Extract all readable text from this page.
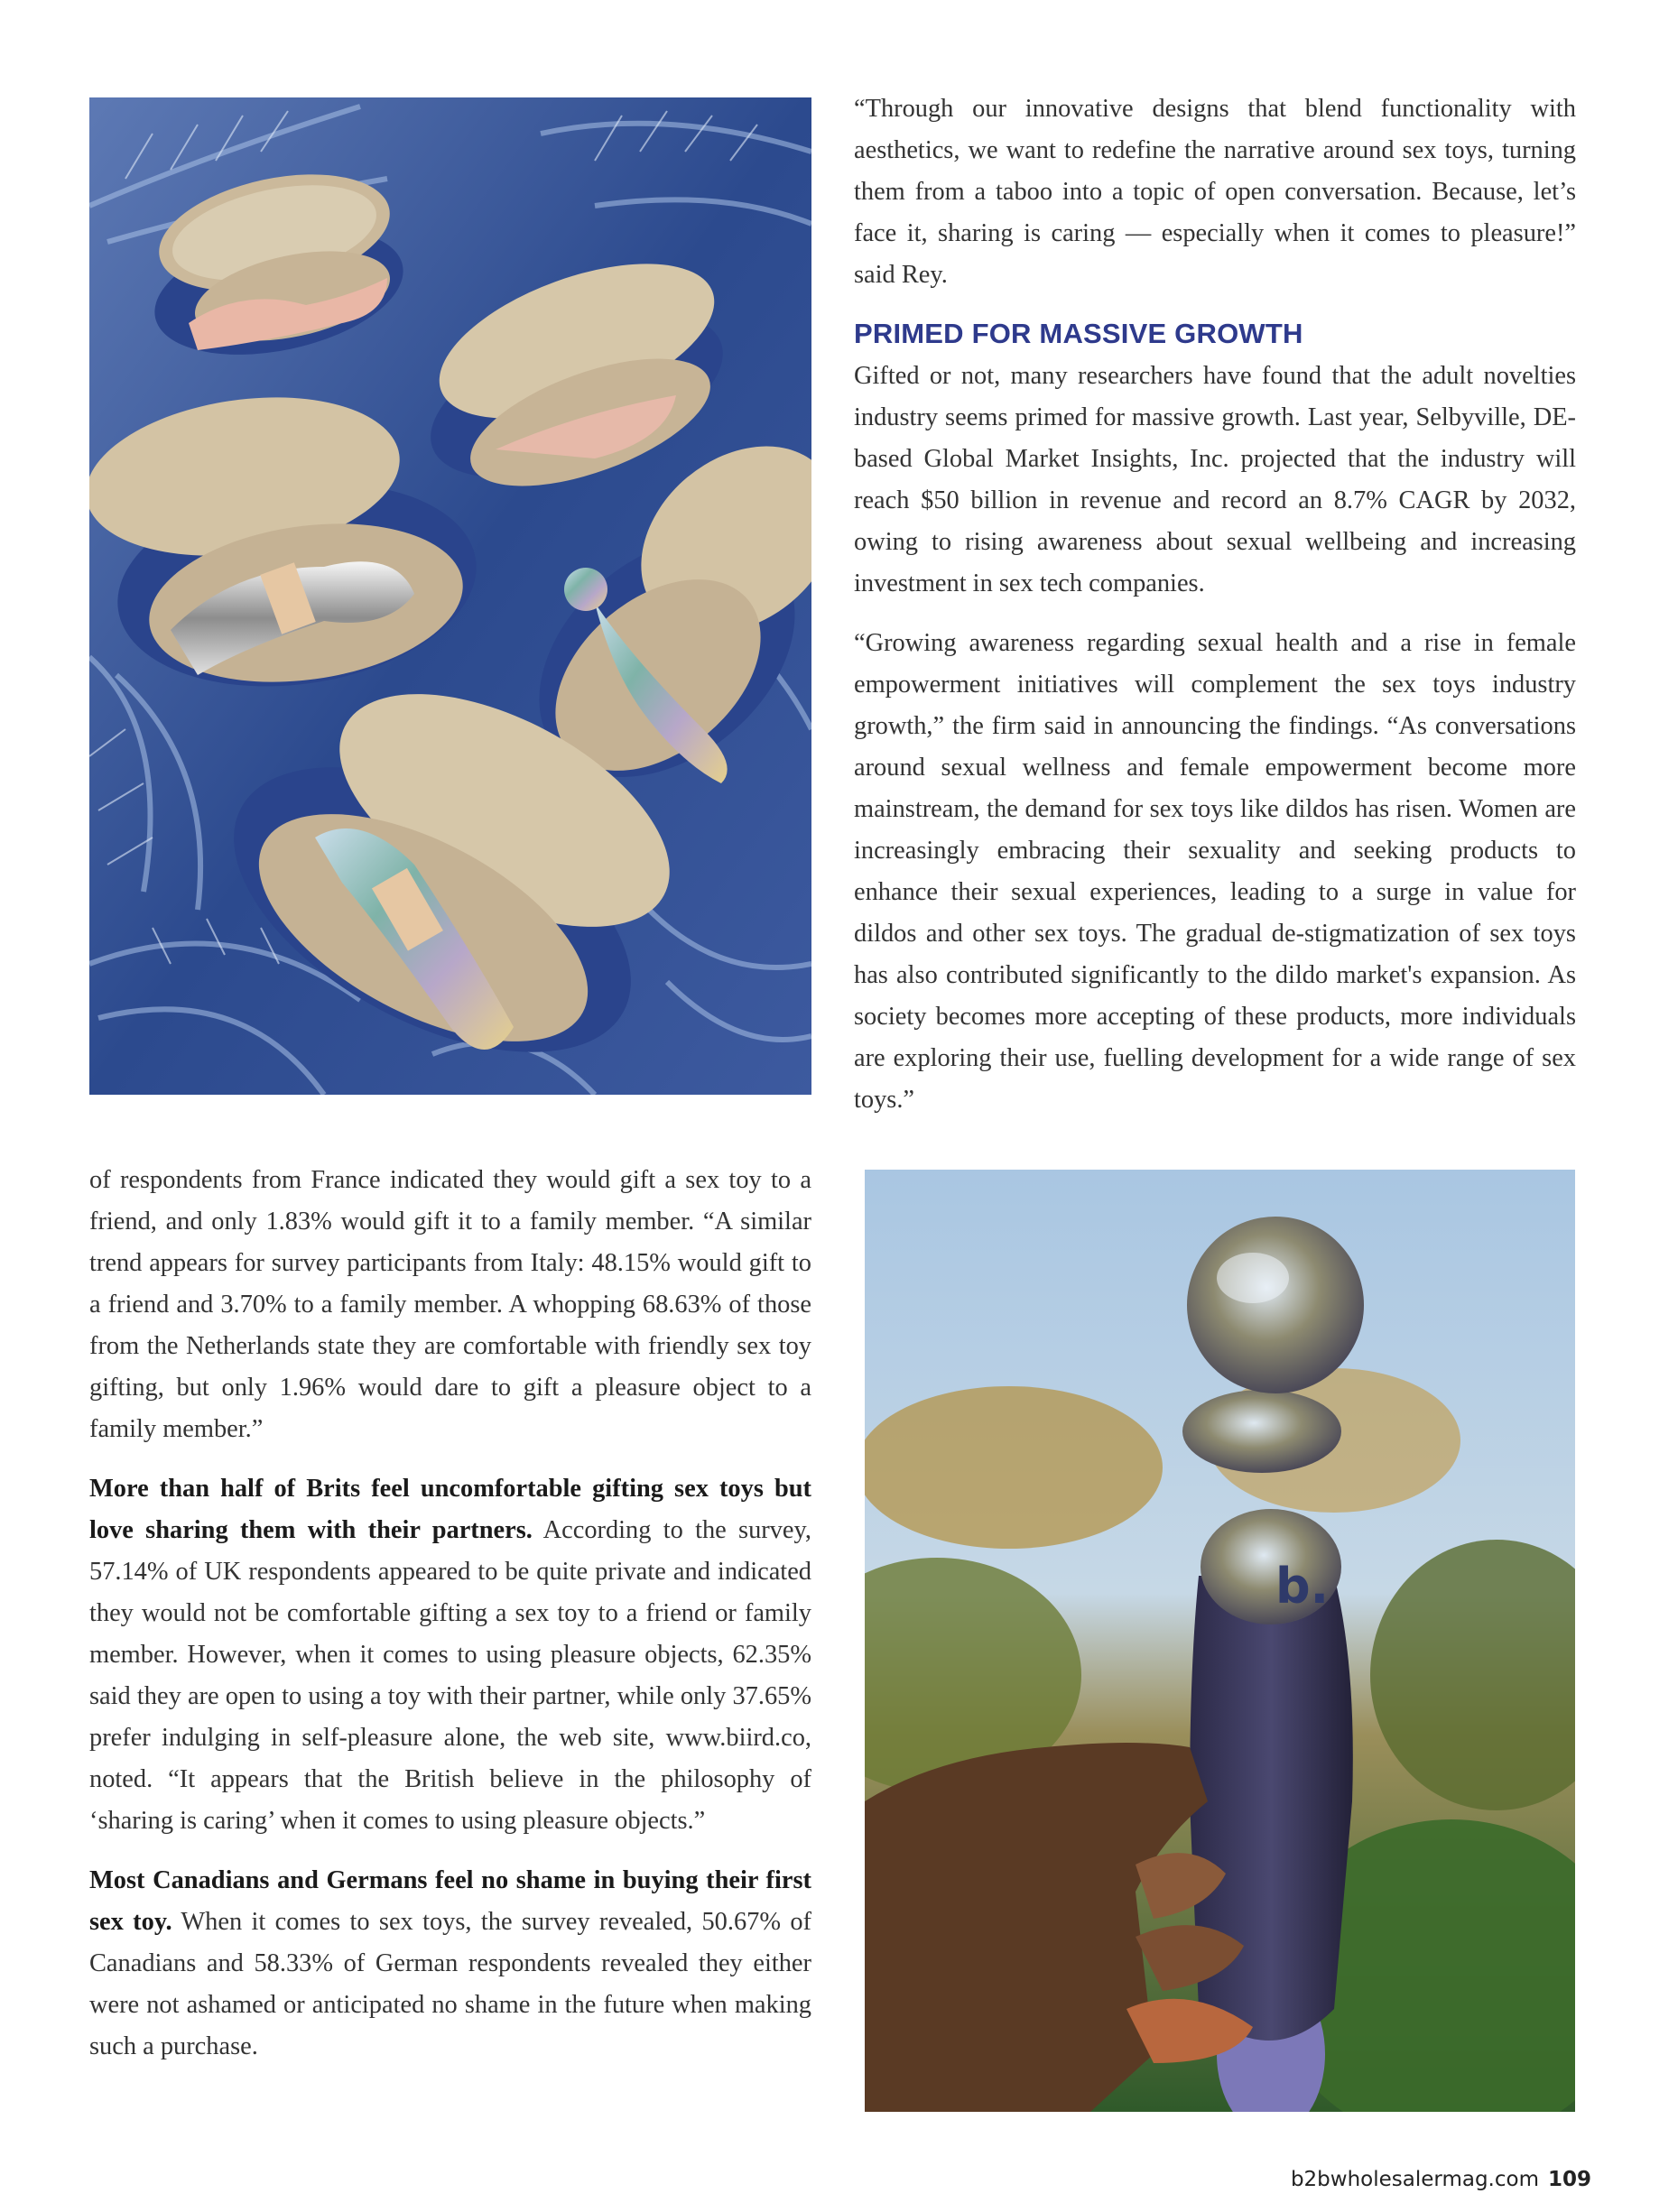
“Through our innovative designs that blend functionality with aesthetics, we want to redefine the narrative around sex toys, turning them from a taboo into a topic of open conversation. Because, let’s face it, sharing is caring — especially when it comes to pleasure!” said Rey.

PRIMED FOR MASSIVE GROWTH

Gifted or not, many researchers have found that the adult novelties industry seems primed for massive growth. Last year, Selbyville, DE-based Global Market Insights, Inc. projected that the industry will reach $50 billion in revenue and record an 8.7% CAGR by 2032, owing to rising awareness about sexual wellbeing and increasing investment in sex tech companies.

“Growing awareness regarding sexual health and a rise in female empowerment initiatives will complement the sex toys industry growth,” the firm said in announcing the findings. “As conversations around sexual wellness and female empowerment become more mainstream, the demand for sex toys like dildos has risen. Women are increasingly embracing their sexuality and seeking products to enhance their sexual experiences, leading to a surge in value for dildos and other sex toys. The gradual de-stigmatization of sex toys has also contributed significantly to the dildo market's expansion. As society becomes more accepting of these products, more individuals are exploring their use, fuelling development for a wide range of sex toys.”

of respondents from France indicated they would gift a sex toy to a friend, and only 1.83% would gift it to a family member. “A similar trend appears for survey participants from Italy: 48.15% would gift to a friend and 3.70% to a family member. A whopping 68.63% of those from the Netherlands state they are comfortable with friendly sex toy gifting, but only 1.96% would dare to gift a pleasure object to a family member.”

More than half of Brits feel uncomfortable gifting sex toys but love sharing them with their partners. According to the survey, 57.14% of UK respondents appeared to be quite private and indicated they would not be comfortable gifting a sex toy to a friend or family member. However, when it comes to using pleasure objects, 62.35% said they are open to using a toy with their partner, while only 37.65% prefer indulging in self-pleasure alone, the web site, www.biird.co, noted. “It appears that the British believe in the philosophy of ‘sharing is caring’ when it comes to using pleasure objects.”

Most Canadians and Germans feel no shame in buying their first sex toy. When it comes to sex toys, the survey revealed, 50.67% of Canadians and 58.33% of German respondents revealed they either were not ashamed or anticipated no shame in the future when making such a purchase.

b.
b2bwholesalermag.com 109
